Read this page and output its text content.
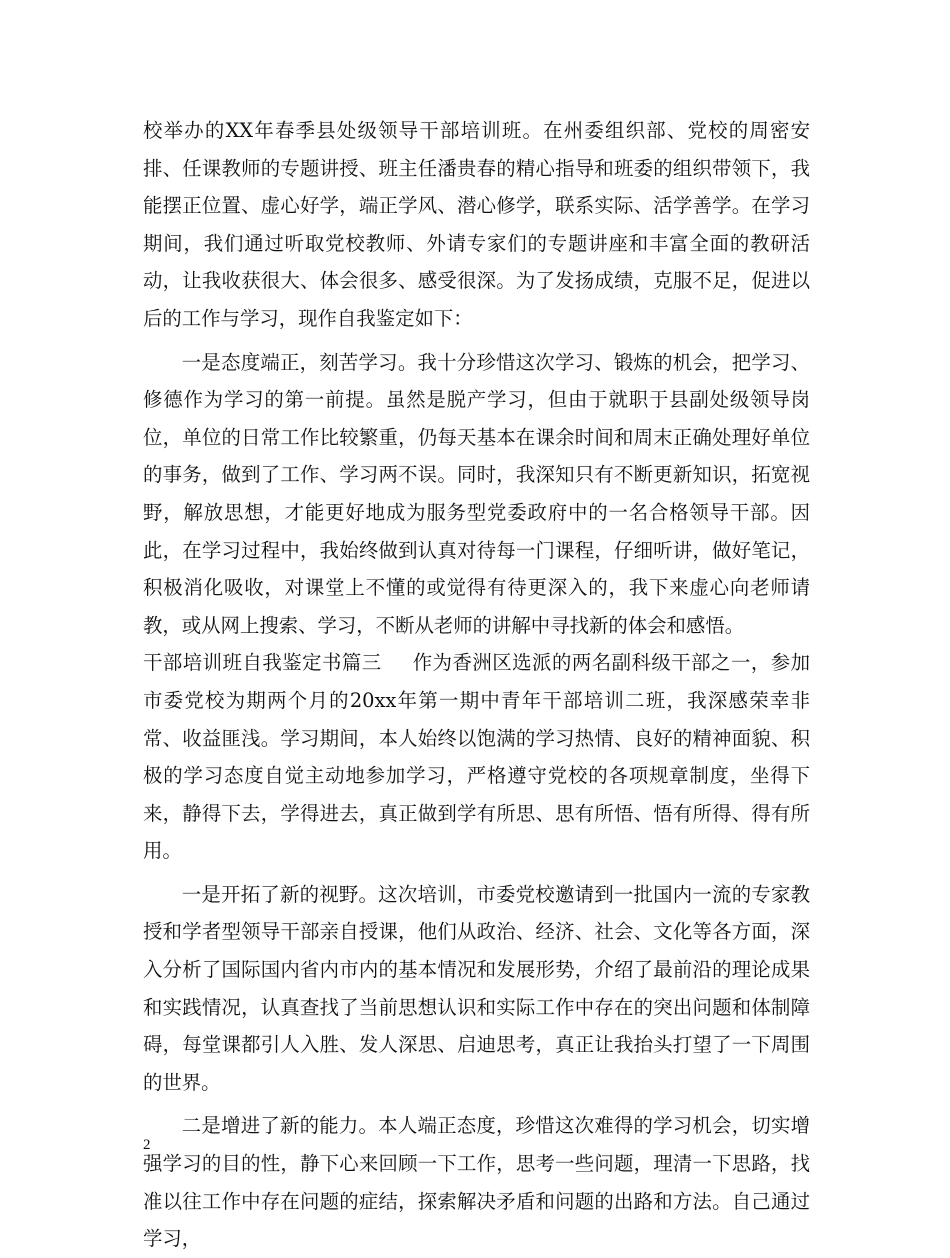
校举办的XX年春季县处级领导干部培训班。在州委组织部、党校的周密安排、任课教师的专题讲授、班主任潘贵春的精心指导和班委的组织带领下，我能摆正位置、虚心好学，端正学风、潜心修学，联系实际、活学善学。在学习期间，我们通过听取党校教师、外请专家们的专题讲座和丰富全面的教研活动，让我收获很大、体会很多、感受很深。为了发扬成绩，克服不足，促进以后的工作与学习，现作自我鉴定如下：

一是态度端正，刻苦学习。我十分珍惜这次学习、锻炼的机会，把学习、修德作为学习的第一前提。虽然是脱产学习，但由于就职于县副处级领导岗位，单位的日常工作比较繁重，仍每天基本在课余时间和周末正确处理好单位的事务，做到了工作、学习两不误。同时，我深知只有不断更新知识，拓宽视野，解放思想，才能更好地成为服务型党委政府中的一名合格领导干部。因此，在学习过程中，我始终做到认真对待每一门课程，仔细听讲，做好笔记，积极消化吸收，对课堂上不懂的或觉得有待更深入的，我下来虚心向老师请教，或从网上搜索、学习，不断从老师的讲解中寻找新的体会和感悟。

干部培训班自我鉴定书篇三 作为香洲区选派的两名副科级干部之一，参加市委党校为期两个月的20xx年第一期中青年干部培训二班，我深感荣幸非常、收益匪浅。学习期间，本人始终以饱满的学习热情、良好的精神面貌、积极的学习态度自觉主动地参加学习，严格遵守党校的各项规章制度，坐得下来，静得下去，学得进去，真正做到学有所思、思有所悟、悟有所得、得有所用。

一是开拓了新的视野。这次培训，市委党校邀请到一批国内一流的专家教授和学者型领导干部亲自授课，他们从政治、经济、社会、文化等各方面，深入分析了国际国内省内市内的基本情况和发展形势，介绍了最前沿的理论成果和实践情况，认真查找了当前思想认识和实际工作中存在的突出问题和体制障碍，每堂课都引人入胜、发人深思、启迪思考，真正让我抬头打望了一下周围的世界。

二是增进了新的能力。本人端正态度，珍惜这次难得的学习机会，切实增强学习的目的性，静下心来回顾一下工作，思考一些问题，理清一下思路，找准以往工作中存在问题的症结，探索解决矛盾和问题的出路和方法。自己通过学习，

2
